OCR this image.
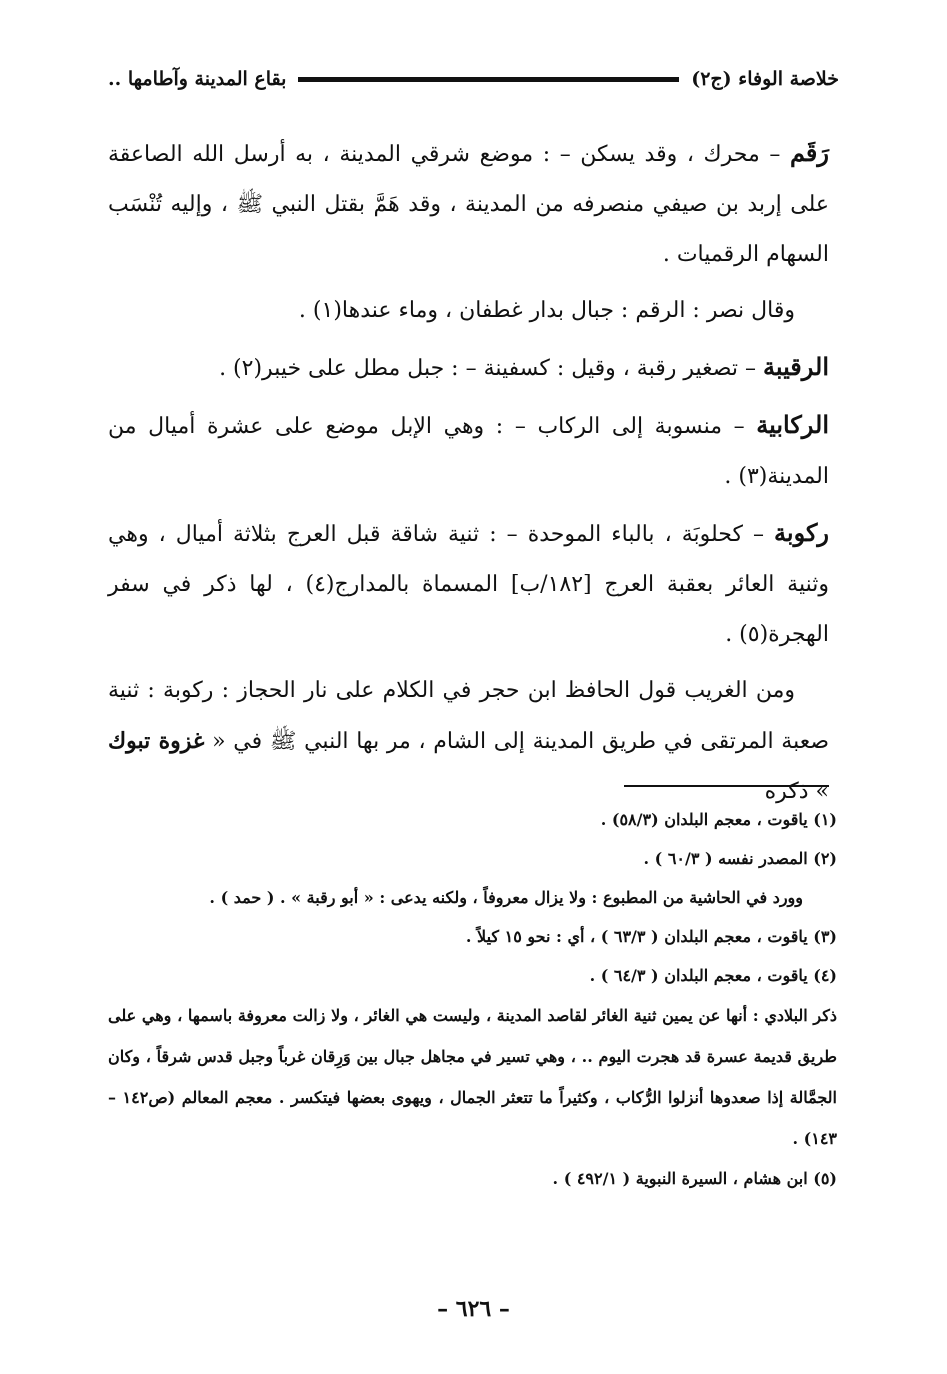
خلاصة الوفاء (ج٢)
بقاع المدينة وآطامها ..

رَقَم – محرك ، وقد يسكن – : موضع شرقي المدينة ، به أرسل الله الصاعقة على إربد بن صيفي منصرفه من المدينة ، وقد هَمَّ بقتل النبي ﷺ ، وإليه تُنْسَب السهام الرقميات .

وقال نصر : الرقم : جبال بدار غطفان ، وماء عندها(١) .

الرقيبة – تصغير رقبة ، وقيل : كسفينة – : جبل مطل على خيبر(٢) .

الركابية – منسوبة إلى الركاب – : وهي الإبل موضع على عشرة أميال من المدينة(٣) .

ركوبة – كحلوبَة ، بالباء الموحدة – : ثنية شاقة قبل العرج بثلاثة أميال ، وهي وثنية العائر بعقبة العرج [١٨٢/ب] المسماة بالمدارج(٤) ، لها ذكر في سفر الهجرة(٥) .

ومن الغريب قول الحافظ ابن حجر في الكلام على نار الحجاز : ركوبة : ثنية صعبة المرتقى في طريق المدينة إلى الشام ، مر بها النبي ﷺ في « غزوة تبوك » ذكره

(١) ياقوت ، معجم البلدان (٥٨/٣) .

(٢) المصدر نفسه ( ٦٠/٣ ) .

وورد في الحاشية من المطبوع : ولا يزال معروفاً ، ولكنه يدعى : « أبو رقبة » . ( حمد ) .

(٣) ياقوت ، معجم البلدان ( ٦٣/٣ ) ، أي : نحو ١٥ كيلاً .

(٤) ياقوت ، معجم البلدان ( ٦٤/٣ ) .

ذكر البلادي : أنها عن يمين ثنية الغائر لقاصد المدينة ، وليست هي الغائر ، ولا زالت معروفة باسمها ، وهي على طريق قديمة عسرة قد هجرت اليوم .. ، وهي تسير في مجاهل جبال بين وَرِقان غرباً وجبل قدس شرقاً ، وكان الجمَّالة إذا صعدوها أنزلوا الرُّكاب ، وكثيراً ما تتعثر الجمال ، ويهوى بعضها فيتكسر . معجم المعالم (ص١٤٢ – ١٤٣) .

(٥) ابن هشام ، السيرة النبوية ( ٤٩٢/١ ) .

– ٦٢٦ –
